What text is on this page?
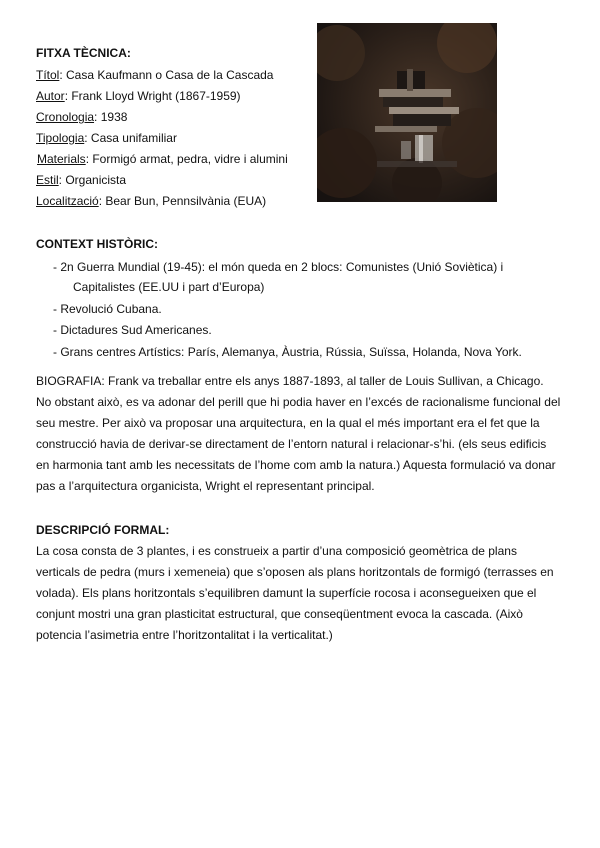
FITXA TÈCNICA:
Títol: Casa Kaufmann o Casa de la Cascada
Autor: Frank Lloyd Wright (1867-1959)
Cronologia: 1938
Tipologia: Casa unifamiliar
Materials: Formigó armat, pedra, vidre i alumini
Estil: Organicista
Localització: Bear Bun, Pennsilvània (EUA)
CONTEXT HISTÒRIC:
- 2n Guerra Mundial (19-45): el món queda en 2 blocs: Comunistes (Unió Soviètica) i
Capitalistes (EE.UU i part d’Europa)
- Revolució Cubana.
- Dictadures Sud Americanes.
- Grans centres Artístics: París, Alemanya, Àustria, Rússia, Suïssa, Holanda, Nova York.
BIOGRAFIA: Frank va treballar entre els anys 1887-1893, al taller de Louis Sullivan, a Chicago.
No obstant això, es va adonar del perill que hi podia haver en l’excés de racionalisme funcional del
seu mestre. Per això va proposar una arquitectura, en la qual el més important era el fet que la
construcció havia de derivar-se directament de l’entorn natural i relacionar-s’hi. (els seus edificis
en harmonia tant amb les necessitats de l’home com amb la natura.) Aquesta formulació va donar
pas a l’arquitectura organicista, Wright el representant principal.
DESCRIPCIÓ FORMAL:
La cosa consta de 3 plantes, i es construeix a partir d’una composició geomètrica de plans
verticals de pedra (murs i xemeneia) que s’oposen als plans horitzontals de formigó (terrasses en
volada). Els plans horitzontals s’equilibren damunt la superfície rocosa i aconsegueixen que el
conjunt mostri una gran plasticitat estructural, que conseqüentment evoca la cascada. (Això
potencia l’asimetria entre l’horitzontalitat i la verticalitat.)
